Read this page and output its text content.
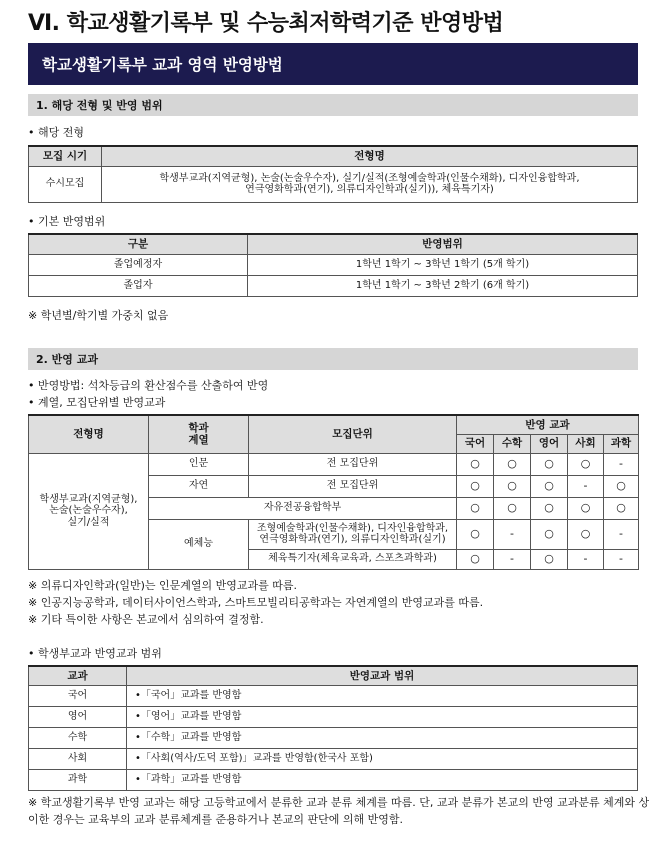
Ⅵ. 학교생활기록부 및 수능최저학력기준 반영방법
학교생활기록부 교과 영역 반영방법
1. 해당 전형 및 반영 범위
• 해당 전형
모집 시기	전형명
수시모집	학생부교과(지역균형), 논술(논술우수자), 실기/실적(조형예술학과(인물수채화), 디자인융합학과,
연극영화학과(연기), 의류디자인학과(실기)), 체육특기자)
• 기본 반영범위
구분	반영범위
졸업예정자	1학년 1학기 ~ 3학년 1학기 (5개 학기)
졸업자	1학년 1학기 ~ 3학년 2학기 (6개 학기)
※ 학년별/학기별 가중치 없음
2. 반영 교과
• 반영방법: 석차등급의 환산점수를 산출하여 반영
• 계열, 모집단위별 반영교과
전형명	학과
계열	모집단위	반영 교과				
			국어	수학	영어	사회	과학
학생부교과(지역균형),
논술(논술우수자),
실기/실적	인문	전 모집단위	○	○	○	○	-
	자연	전 모집단위	○	○	○	-	○
	자유전공융합학부		○	○	○	○	○
	예체능	조형예술학과(인물수채화), 디자인융합학과,
연극영화학과(연기), 의류디자인학과(실기)	○	-	○	○	-
		체육특기자(체육교육과, 스포츠과학과)	○	-	○	-	-
※ 의류디자인학과(일반)는 인문계열의 반영교과를 따름.
※ 인공지능공학과, 데이터사이언스학과, 스마트모빌리티공학과는 자연계열의 반영교과를 따름.
※ 기타 특이한 사항은 본교에서 심의하여 결정함.
• 학생부교과 반영교과 범위
교과	반영교과 범위
국어	•「국어」교과를 반영함
영어	•「영어」교과를 반영함
수학	•「수학」교과를 반영함
사회	•「사회(역사/도덕 포함)」교과를 반영함(한국사 포함)
과학	•「과학」교과를 반영함
※ 학교생활기록부 반영 교과는 해당 고등학교에서 분류한 교과 분류 체계를 따름. 단, 교과 분류가 본교의 반영 교과분류 체계와 상이한 경우는 교육부의 교과 분류체계를 준용하거나 본교의 판단에 의해 반영함.
